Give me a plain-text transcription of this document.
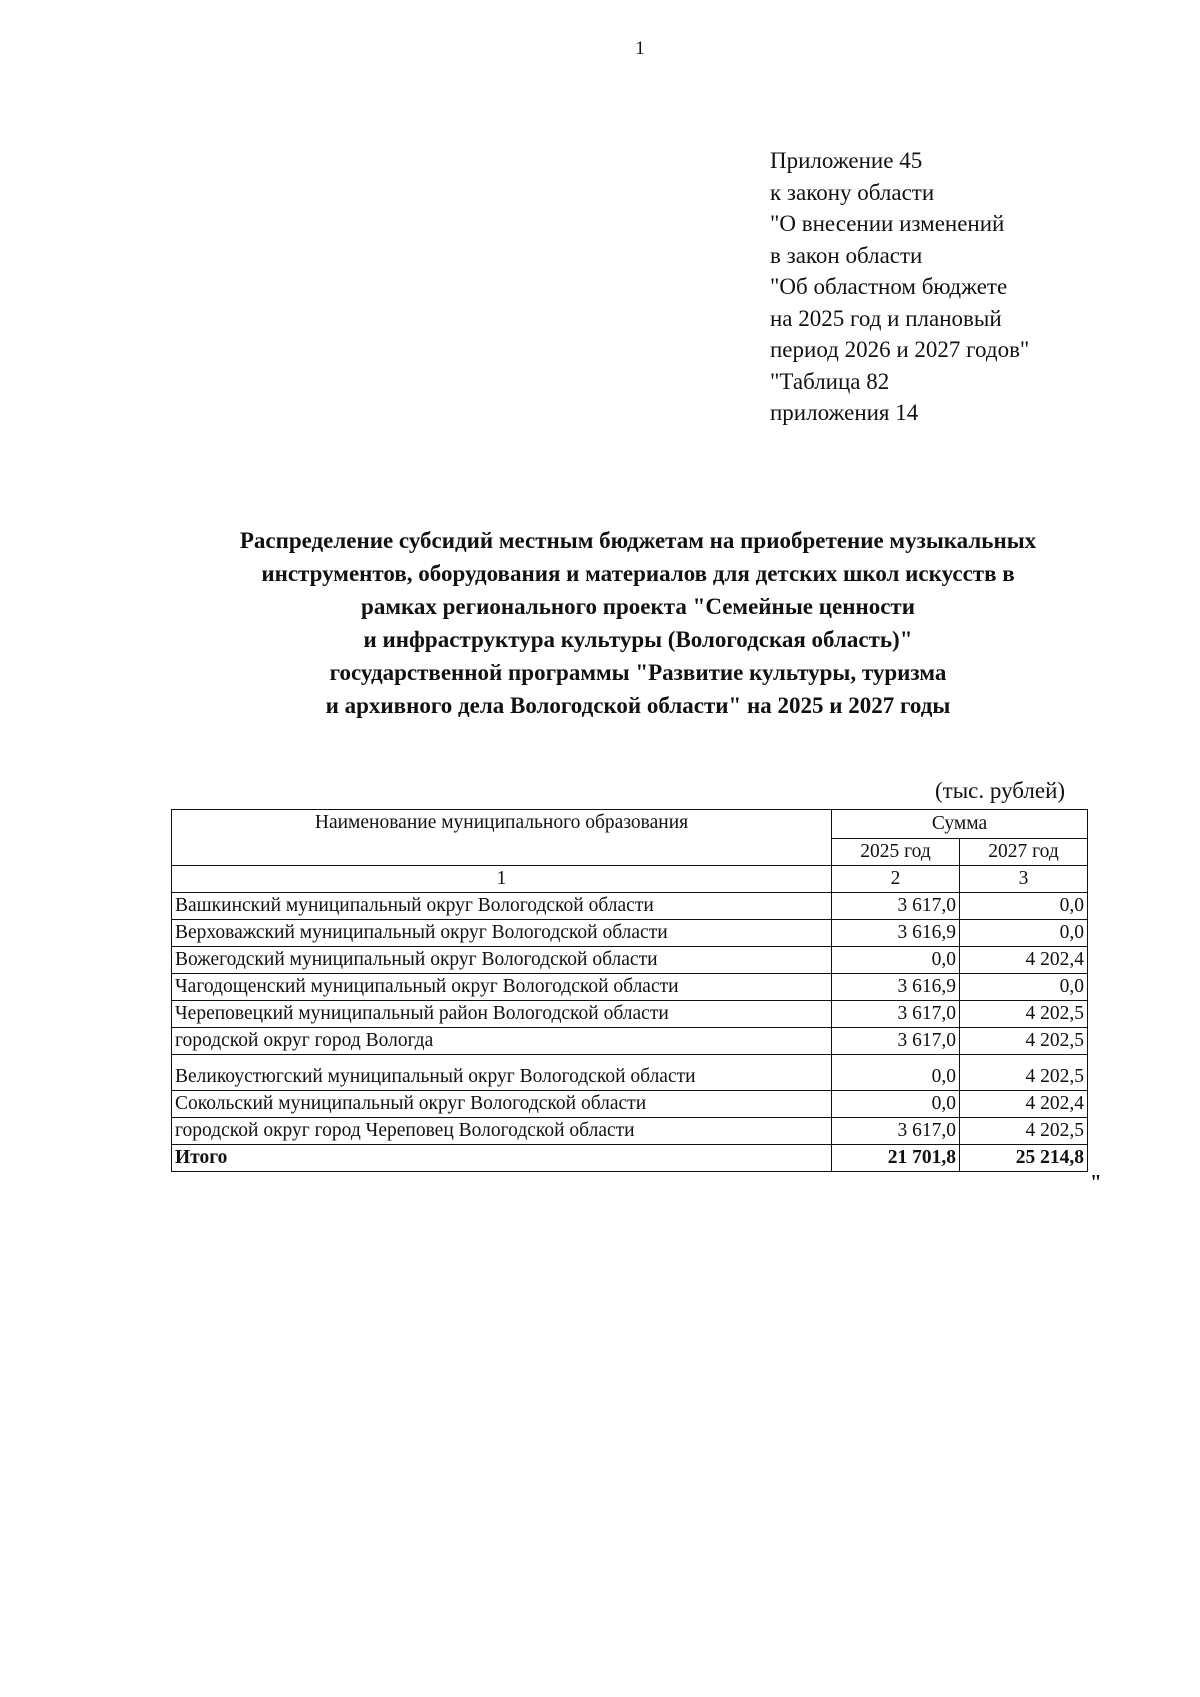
1
Приложение 45
к закону области
"О внесении изменений
в закон области
"Об областном бюджете
на 2025 год и плановый
период 2026 и 2027 годов"
"Таблица 82
приложения 14
Распределение субсидий местным бюджетам на приобретение музыкальных
инструментов, оборудования и материалов для детских школ искусств в
рамках регионального проекта "Семейные ценности
и инфраструктура культуры (Вологодская область)"
государственной программы "Развитие культуры, туризма
и архивного дела Вологодской области" на 2025 и 2027 годы
(тыс. рублей)
Наименование муниципального образования	Сумма	
	2025 год	2027 год
1	2	3
Вашкинский муниципальный округ Вологодской области	3 617,0	0,0
Верховажский муниципальный округ Вологодской области	3 616,9	0,0
Вожегодский муниципальный округ Вологодской области	0,0	4 202,4
Чагодощенский муниципальный округ Вологодской области	3 616,9	0,0
Череповецкий муниципальный район Вологодской области	3 617,0	4 202,5
городской округ город Вологда	3 617,0	4 202,5
Великоустюгский муниципальный округ Вологодской области	0,0	4 202,5
Сокольский муниципальный округ Вологодской области	0,0	4 202,4
городской округ город Череповец Вологодской области	3 617,0	4 202,5
Итого	21 701,8	25 214,8
"
